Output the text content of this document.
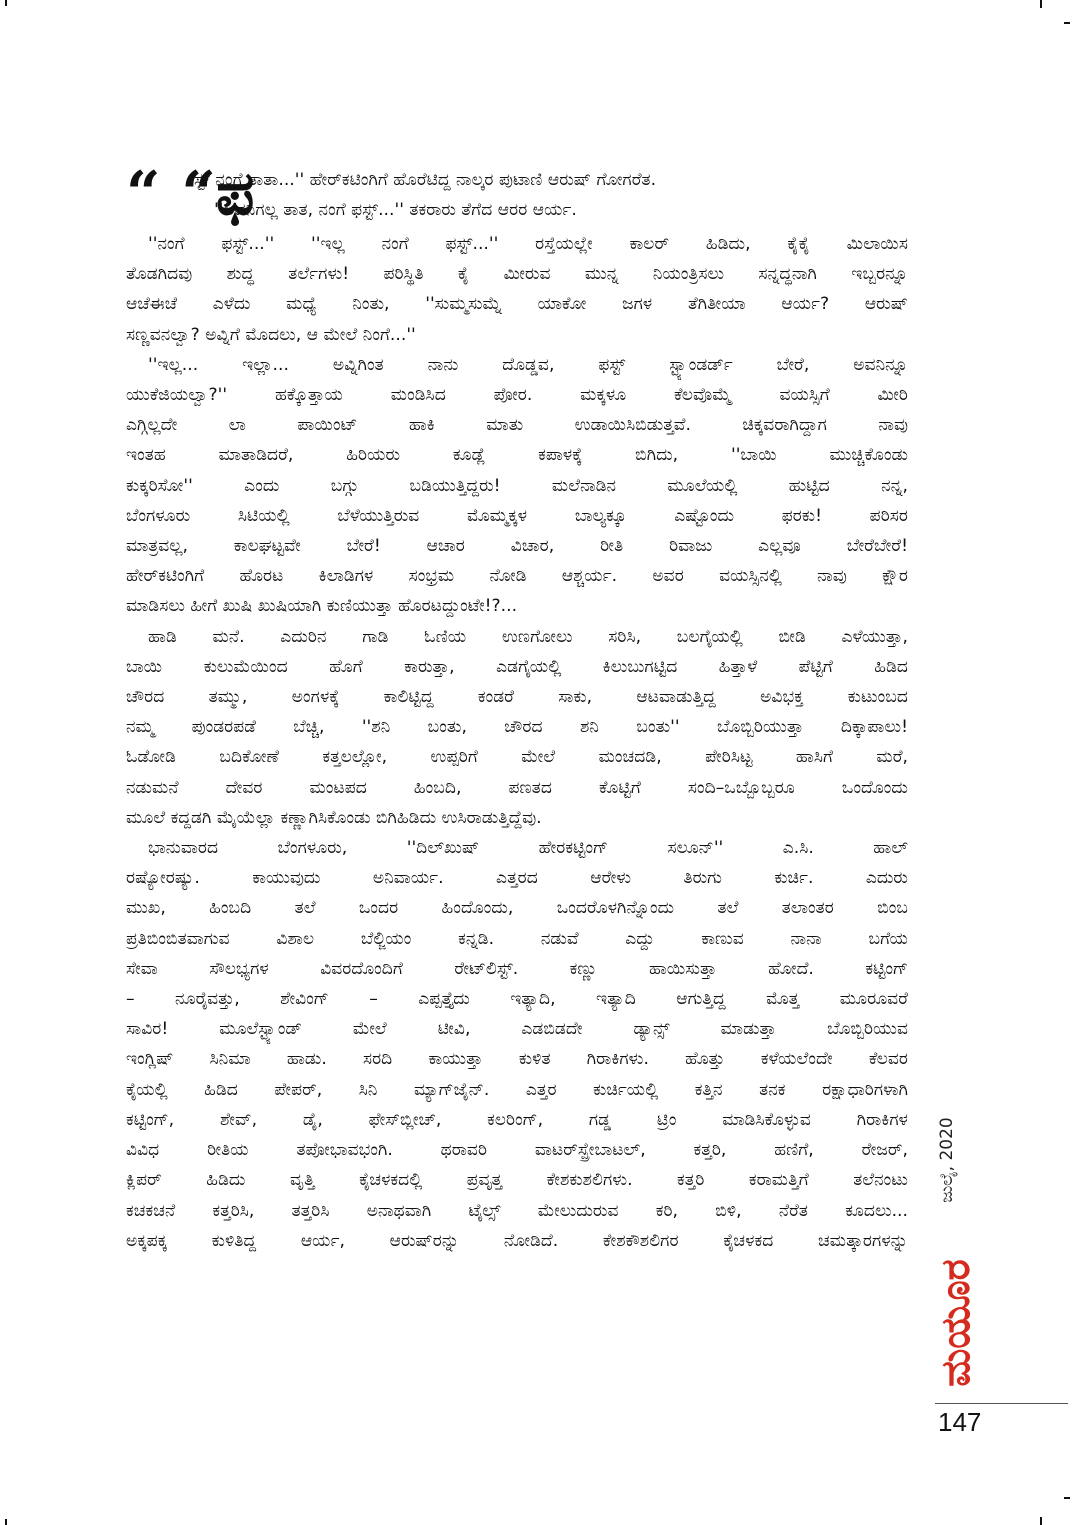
“ “ಫ
ಸ್ಟ್ ನಂಗೆ ತಾತಾ...'' ಹೇರ್‌ಕಟಿಂಗಿಗೆ ಹೊರೆಟಿದ್ದ ನಾಲ್ಕರ ಪುಟಾಣಿ ಆರುಷ್ ಗೋಗರೆತ.
''ಅವನಿಗಲ್ಲ ತಾತ, ನಂಗೆ ಫಸ್ಟ್...'' ತಕರಾರು ತೆಗೆದ ಆರರ ಆರ್ಯ.
''ನಂಗೆ ಫಸ್ಟ್...'' ''ಇಲ್ಲ ನಂಗೆ ಫಸ್ಟ್...'' ರಸ್ತೆಯಲ್ಲೇ ಕಾಲರ್ ಹಿಡಿದು, ಕೈಕೈ ಮಿಲಾಯಿಸ
ತೊಡಗಿದವು ಶುದ್ಧ ತರ್ಲೆಗಳು! ಪರಿಸ್ಥಿತಿ ಕೈ ಮೀರುವ ಮುನ್ನ ನಿಯಂತ್ರಿಸಲು ಸನ್ನದ್ಧನಾಗಿ ಇಬ್ಬರನ್ನೂ
ಆಚೆಈಚೆ ಎಳೆದು ಮಧ್ಯೆ ನಿಂತು, ''ಸುಮ್ಮಸುಮ್ನೆ ಯಾಕೋ ಜಗಳ ತೆಗಿತೀಯಾ ಆರ್ಯ? ಆರುಷ್
ಸಣ್ಣವನಲ್ವಾ? ಅವ್ನಿಗೆ ಮೊದಲು, ಆ ಮೇಲೆ ನಿಂಗೆ...''
''ಇಲ್ಲ... ಇಲ್ಲಾ... ಅವ್ನಿಗಿಂತ ನಾನು ದೊಡ್ಡವ, ಫಸ್ಟ್ ಸ್ಟ್ಯಾಂಡರ್ಡ್ ಬೇರೆ, ಅವನಿನ್ನೂ
ಯುಕೆಜಿಯಲ್ವಾ?'' ಹಕ್ಕೊತ್ತಾಯ ಮಂಡಿಸಿದ ಪೋರ. ಮಕ್ಕಳೂ ಕೆಲವೊಮ್ಮೆ ವಯಸ್ಸಿಗೆ ಮೀರಿ
ಎಗ್ಗಿಲ್ಲದೇ ಲಾ ಪಾಯಿಂಟ್ ಹಾಕಿ ಮಾತು ಉಡಾಯಿಸಿಬಿಡುತ್ತವೆ. ಚಿಕ್ಕವರಾಗಿದ್ದಾಗ ನಾವು
ಇಂತಹ ಮಾತಾಡಿದರೆ, ಹಿರಿಯರು ಕೂಡ್ಲೆ ಕಪಾಳಕ್ಕೆ ಬಿಗಿದು, ''ಬಾಯಿ ಮುಚ್ಚಿಕೊಂಡು
ಕುಕ್ಕರಿಸೋ'' ಎಂದು ಬಗ್ಗು ಬಡಿಯುತ್ತಿದ್ದರು! ಮಲೆನಾಡಿನ ಮೂಲೆಯಲ್ಲಿ ಹುಟ್ಟಿದ ನನ್ನ,
ಬೆಂಗಳೂರು ಸಿಟಿಯಲ್ಲಿ ಬೆಳೆಯುತ್ತಿರುವ ಮೊಮ್ಮಕ್ಕಳ ಬಾಲ್ಯಕ್ಕೂ ಎಷ್ಟೊಂದು ಫರಕು! ಪರಿಸರ
ಮಾತ್ರವಲ್ಲ, ಕಾಲಘಟ್ಟವೇ ಬೇರೆ! ಆಚಾರ ವಿಚಾರ, ರೀತಿ ರಿವಾಜು ಎಲ್ಲವೂ ಬೇರೆಬೇರೆ!
ಹೇರ್‌ಕಟಿಂಗಿಗೆ ಹೊರಟ ಕಿಲಾಡಿಗಳ ಸಂಭ್ರಮ ನೋಡಿ ಆಶ್ಚರ್ಯ. ಅವರ ವಯಸ್ಸಿನಲ್ಲಿ ನಾವು ಕ್ಷೌರ
ಮಾಡಿಸಲು ಹೀಗೆ ಖುಷಿ ಖುಷಿಯಾಗಿ ಕುಣಿಯುತ್ತಾ ಹೊರಟದ್ದುಂಟೇ!?...
ಹಾಡಿ ಮನೆ. ಎದುರಿನ ಗಾಡಿ ಓಣಿಯ ಉಣಗೋಲು ಸರಿಸಿ, ಬಲಗೈಯಲ್ಲಿ ಬೀಡಿ ಎಳೆಯುತ್ತಾ,
ಬಾಯಿ ಕುಲುಮೆಯಿಂದ ಹೊಗೆ ಕಾರುತ್ತಾ, ಎಡಗೈಯಲ್ಲಿ ಕಿಲುಬುಗಟ್ಟಿದ ಹಿತ್ತಾಳೆ ಪೆಟ್ಟಿಗೆ ಹಿಡಿದ
ಚೌರದ ತಮ್ಮು, ಅಂಗಳಕ್ಕೆ ಕಾಲಿಟ್ಟಿದ್ದ ಕಂಡರೆ ಸಾಕು, ಆಟವಾಡುತ್ತಿದ್ದ ಅವಿಭಕ್ತ ಕುಟುಂಬದ
ನಮ್ಮ ಪುಂಡರಪಡೆ ಬೆಚ್ಚಿ, ''ಶನಿ ಬಂತು, ಚೌರದ ಶನಿ ಬಂತು'' ಬೊಬ್ಬಿರಿಯುತ್ತಾ ದಿಕ್ಕಾಪಾಲು!
ಓಡೋಡಿ ಬದಿಕೋಣೆ ಕತ್ತಲಲ್ಲೋ, ಉಪ್ಪರಿಗೆ ಮೇಲೆ ಮಂಚದಡಿ, ಪೇರಿಸಿಟ್ಟ ಹಾಸಿಗೆ ಮರೆ,
ನಡುಮನೆ ದೇವರ ಮಂಟಪದ ಹಿಂಬದಿ, ಪಣತದ ಕೊಟ್ಟಿಗೆ ಸಂದಿ–ಒಬ್ಬೊಬ್ಬರೂ ಒಂದೊಂದು
ಮೂಲೆ ಕದ್ದಡಗಿ ಮೈಯೆಲ್ಲಾ ಕಣ್ಣಾಗಿಸಿಕೊಂಡು ಬಿಗಿಹಿಡಿದು ಉಸಿರಾಡುತ್ತಿದ್ದೆವು.
ಭಾನುವಾರದ ಬೆಂಗಳೂರು, ''ದಿಲ್‌ಖುಷ್ ಹೇರಕಟ್ಟಿಂಗ್ ಸಲೂನ್'' ಎ.ಸಿ. ಹಾಲ್
ರಷ್ಯೋರಷ್ಯು. ಕಾಯುವುದು ಅನಿವಾರ್ಯ. ಎತ್ತರದ ಆರೇಳು ತಿರುಗು ಕುರ್ಚಿ. ಎದುರು
ಮುಖ, ಹಿಂಬದಿ ತಲೆ ಒಂದರ ಹಿಂದೊಂದು, ಒಂದರೊಳಗಿನ್ನೊಂದು ತಲೆ ತಲಾಂತರ ಬಿಂಬ
ಪ್ರತಿಬಿಂಬಿತವಾಗುವ ವಿಶಾಲ ಬೆಲ್ಜಿಯಂ ಕನ್ನಡಿ. ನಡುವೆ ಎದ್ದು ಕಾಣುವ ನಾನಾ ಬಗೆಯ
ಸೇವಾ ಸೌಲಭ್ಯಗಳ ವಿವರದೊಂದಿಗೆ ರೇಟ್‌ಲಿಸ್ಟ್. ಕಣ್ಣು ಹಾಯಿಸುತ್ತಾ ಹೋದೆ. ಕಟ್ಟಿಂಗ್
– ನೂರೈವತ್ತು, ಶೇವಿಂಗ್ – ಎಪ್ಪತ್ತೈದು ಇತ್ಯಾದಿ, ಇತ್ಯಾದಿ ಆಗುತ್ತಿದ್ದ ಮೊತ್ತ ಮೂರೂವರೆ
ಸಾವಿರ! ಮೂಲೆಸ್ಟ್ಯಾಂಡ್ ಮೇಲೆ ಟೀವಿ, ಎಡಬಿಡದೇ ಡ್ಯಾನ್ಸ್ ಮಾಡುತ್ತಾ ಬೊಬ್ಬಿರಿಯುವ
ಇಂಗ್ಲಿಷ್ ಸಿನಿಮಾ ಹಾಡು. ಸರದಿ ಕಾಯುತ್ತಾ ಕುಳಿತ ಗಿರಾಕಿಗಳು. ಹೊತ್ತು ಕಳೆಯಲೆಂದೇ ಕೆಲವರ
ಕೈಯಲ್ಲಿ ಹಿಡಿದ ಪೇಪರ್, ಸಿನಿ ಮ್ಯಾಗ್‌ಜೈನ್. ಎತ್ತರ ಕುರ್ಚಿಯಲ್ಲಿ ಕತ್ತಿನ ತನಕ ರಕ್ಷಾಧಾರಿಗಳಾಗಿ
ಕಟ್ಟಿಂಗ್, ಶೇವ್, ಡೈ, ಫೇಸ್‌ಬ್ಲೀಚ್, ಕಲರಿಂಗ್, ಗಡ್ಡ ಟ್ರಿಂ ಮಾಡಿಸಿಕೊಳ್ಳುವ ಗಿರಾಕಿಗಳ
ವಿವಿಧ ರೀತಿಯ ತಪೋಭಾವಭಂಗಿ. ಥರಾವರಿ ವಾಟರ್‌ಸ್ಪ್ರೇಬಾಟಲ್, ಕತ್ತರಿ, ಹಣಿಗೆ, ರೇಜರ್,
ಕ್ಲಿಪರ್ ಹಿಡಿದು ವೃತ್ತಿ ಕೈಚಳಕದಲ್ಲಿ ಪ್ರವೃತ್ತ ಕೇಶಕುಶಲಿಗಳು. ಕತ್ತರಿ ಕರಾಮತ್ತಿಗೆ ತಲೆನಂಟು
ಕಚಕಚನೆ ಕತ್ತರಿಸಿ, ತತ್ತರಿಸಿ ಅನಾಥವಾಗಿ ಟೈಲ್ಸ್ ಮೇಲುದುರುವ ಕರಿ, ಬಿಳಿ, ನೆರೆತ ಕೂದಲು...
ಅಕ್ಕಪಕ್ಕ ಕುಳಿತಿದ್ದ ಆರ್ಯ, ಆರುಷ್‌ರನ್ನು ನೋಡಿದೆ. ಕೇಶಕೌಶಲಿಗರ ಕೈಚಳಕದ ಚಮತ್ಕಾರಗಳನ್ನು
ಜುಲೈ, 2020
ಮಯೂರ
147
